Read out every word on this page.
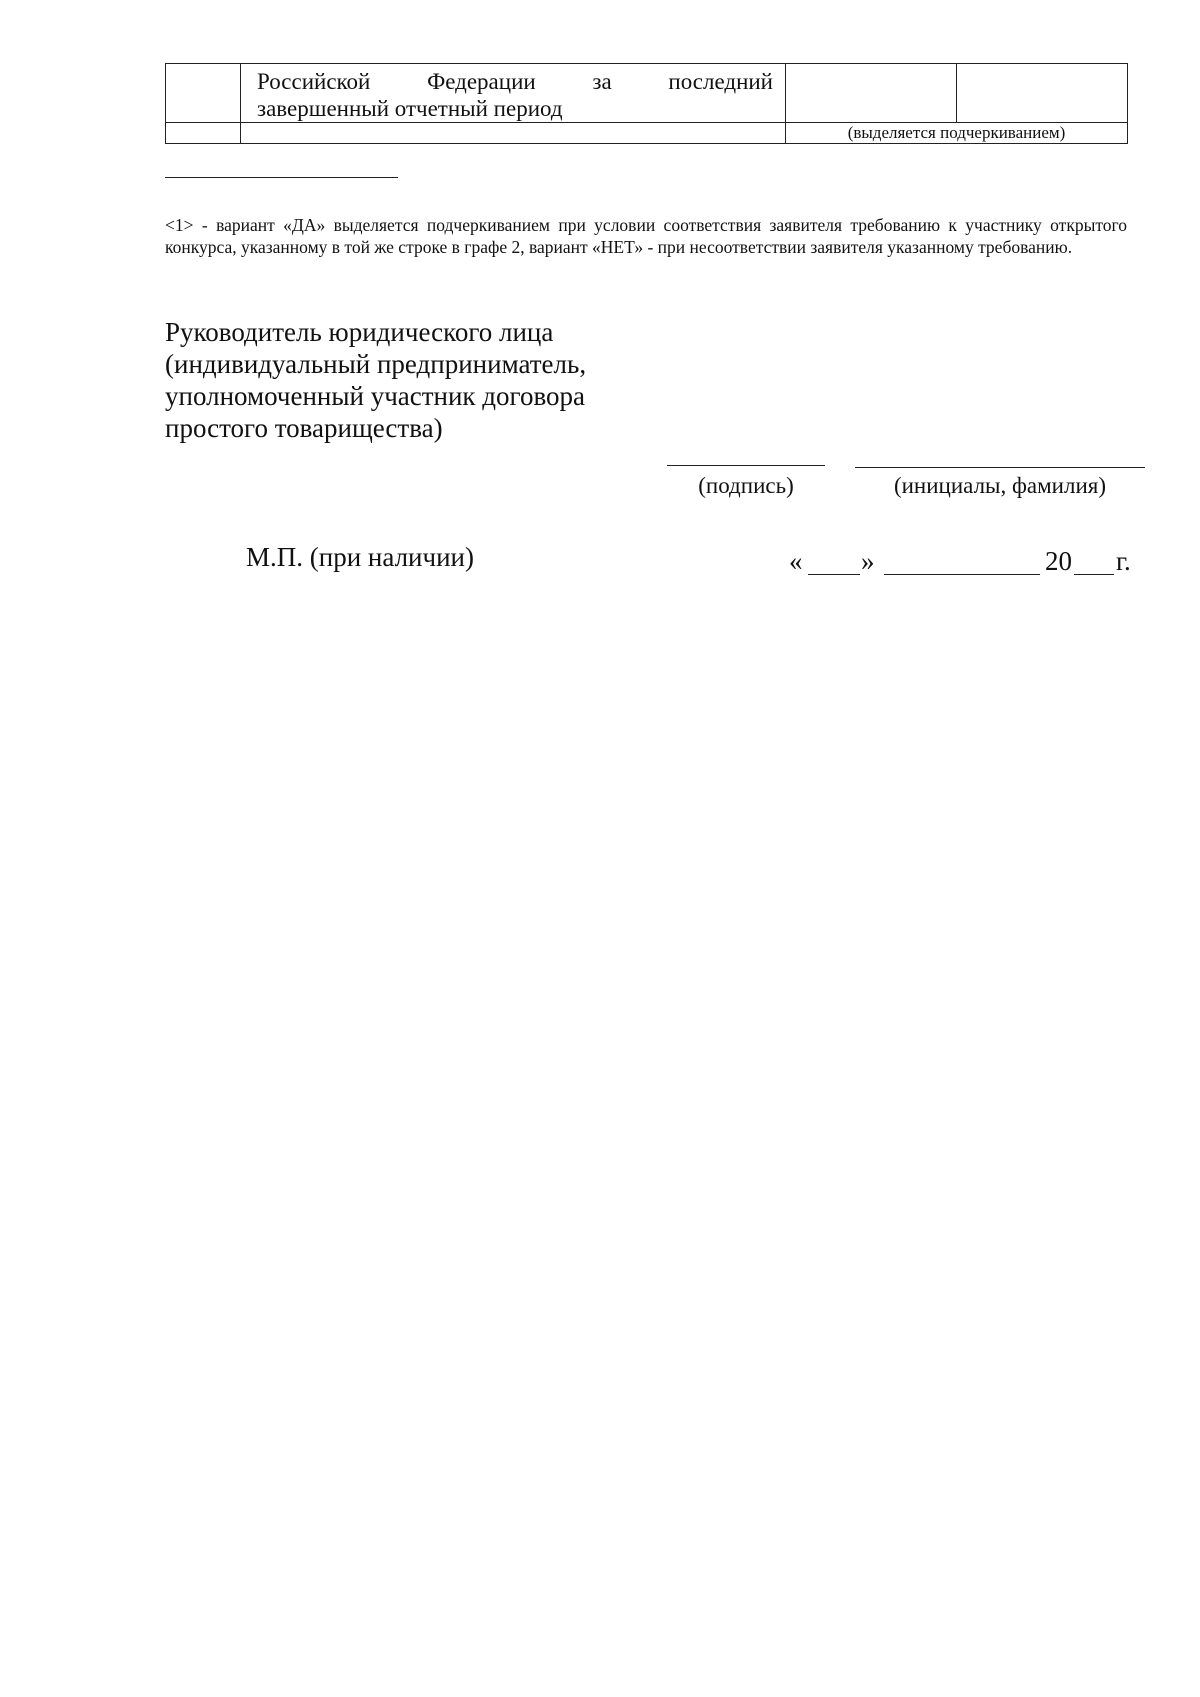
	Российской Федерации за последний
завершенный отчетный период		

		(выделяется подчеркиванием)	
<1> - вариант «ДА» выделяется подчеркиванием при условии соответствия заявителя требованию к участнику открытого конкурса, указанному в той же строке в графе 2, вариант «НЕТ» - при несоответствии заявителя указанному требованию.
Руководитель юридического лица
(индивидуальный предприниматель,
уполномоченный участник договора
простого товарищества)
(подпись)	(инициалы, фамилия)
М.П. (при наличии)	« »	20 г.
